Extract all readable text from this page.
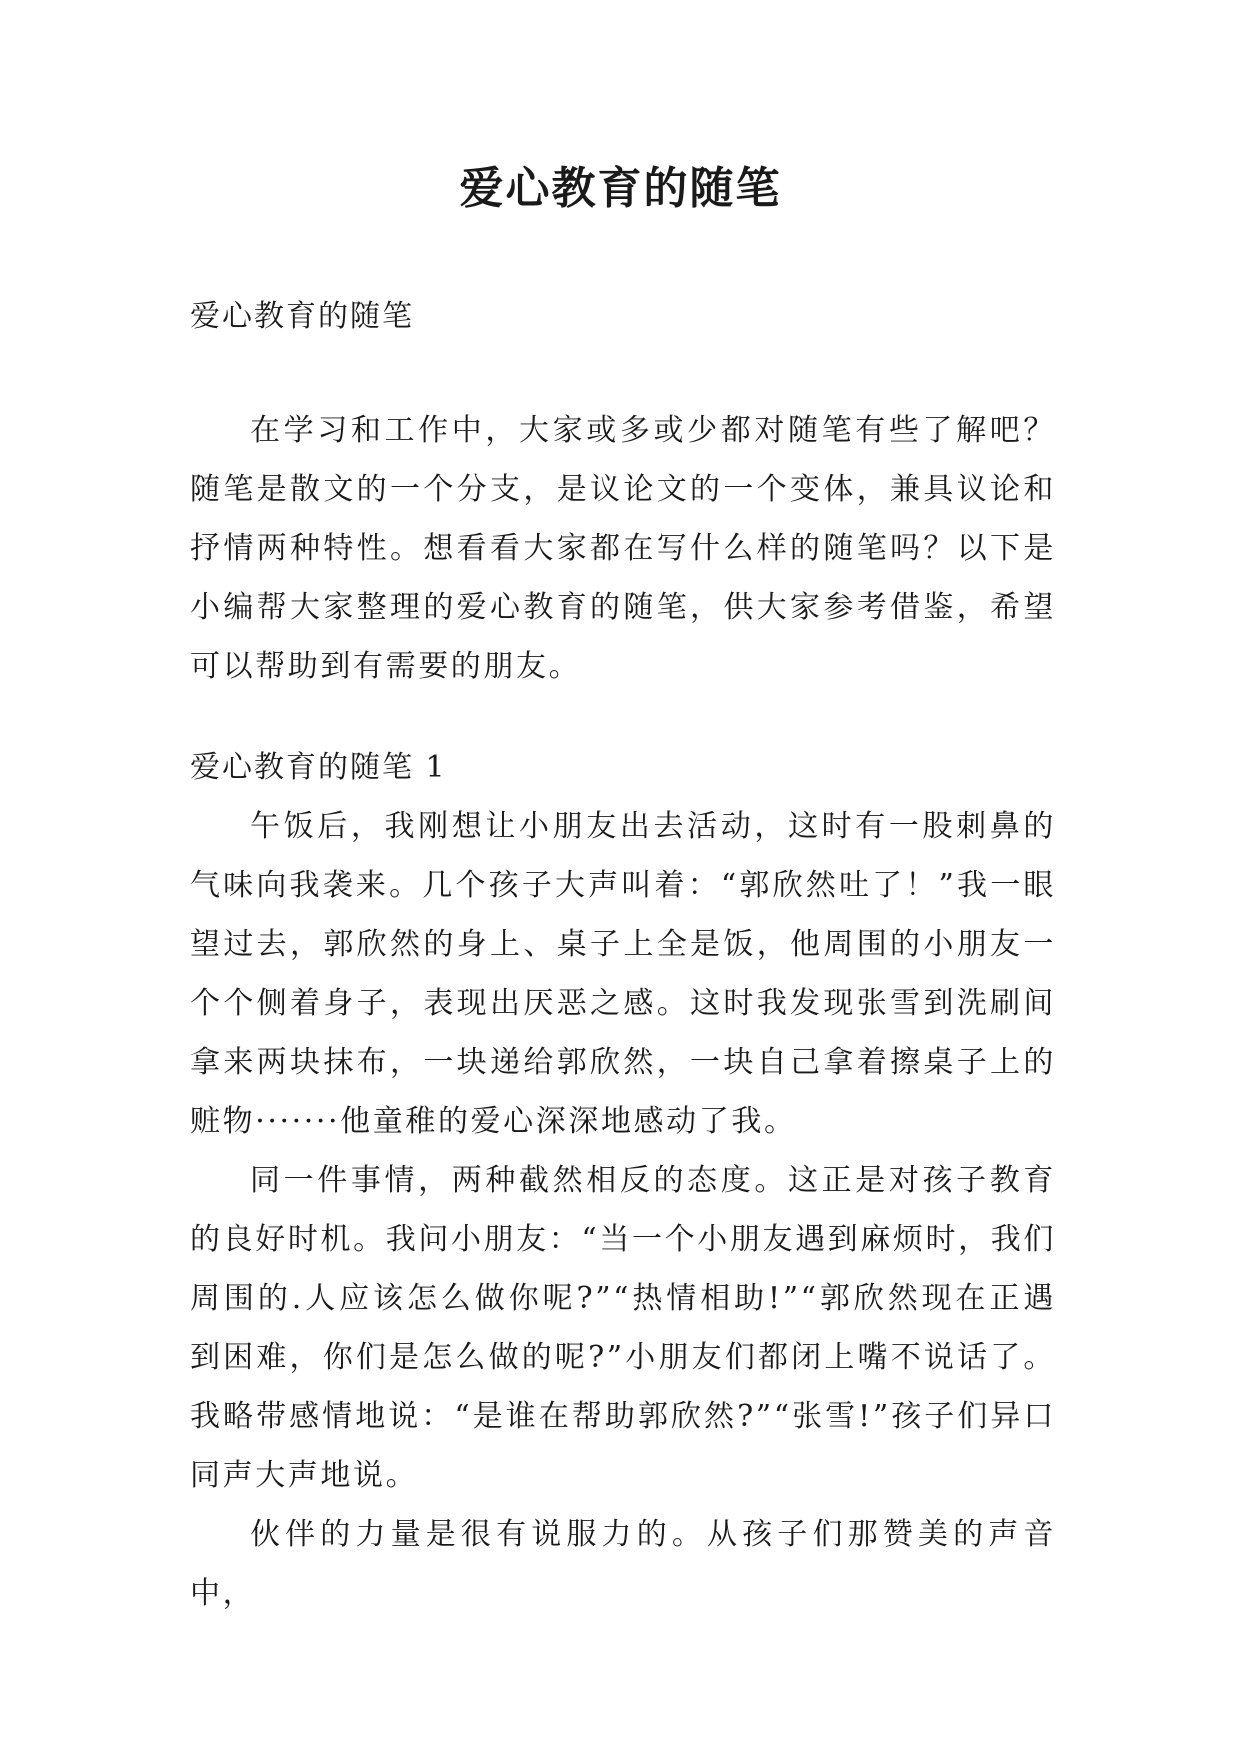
爱心教育的随笔

爱心教育的随笔

在学习和工作中，大家或多或少都对随笔有些了解吧？随笔是散文的一个分支，是议论文的一个变体，兼具议论和抒情两种特性。想看看大家都在写什么样的随笔吗？以下是小编帮大家整理的爱心教育的随笔，供大家参考借鉴，希望可以帮助到有需要的朋友。

爱心教育的随笔 1

午饭后，我刚想让小朋友出去活动，这时有一股刺鼻的气味向我袭来。几个孩子大声叫着：“郭欣然吐了！”我一眼望过去，郭欣然的身上、桌子上全是饭，他周围的小朋友一个个侧着身子，表现出厌恶之感。这时我发现张雪到洗刷间拿来两块抹布，一块递给郭欣然，一块自己拿着擦桌子上的赃物·······他童稚的爱心深深地感动了我。

同一件事情，两种截然相反的态度。这正是对孩子教育的良好时机。我问小朋友：“当一个小朋友遇到麻烦时，我们周围的.人应该怎么做你呢?”“热情相助!”“郭欣然现在正遇到困难，你们是怎么做的呢?”小朋友们都闭上嘴不说话了。我略带感情地说：“是谁在帮助郭欣然?”“张雪!”孩子们异口同声大声地说。

伙伴的力量是很有说服力的。从孩子们那赞美的声音中，
